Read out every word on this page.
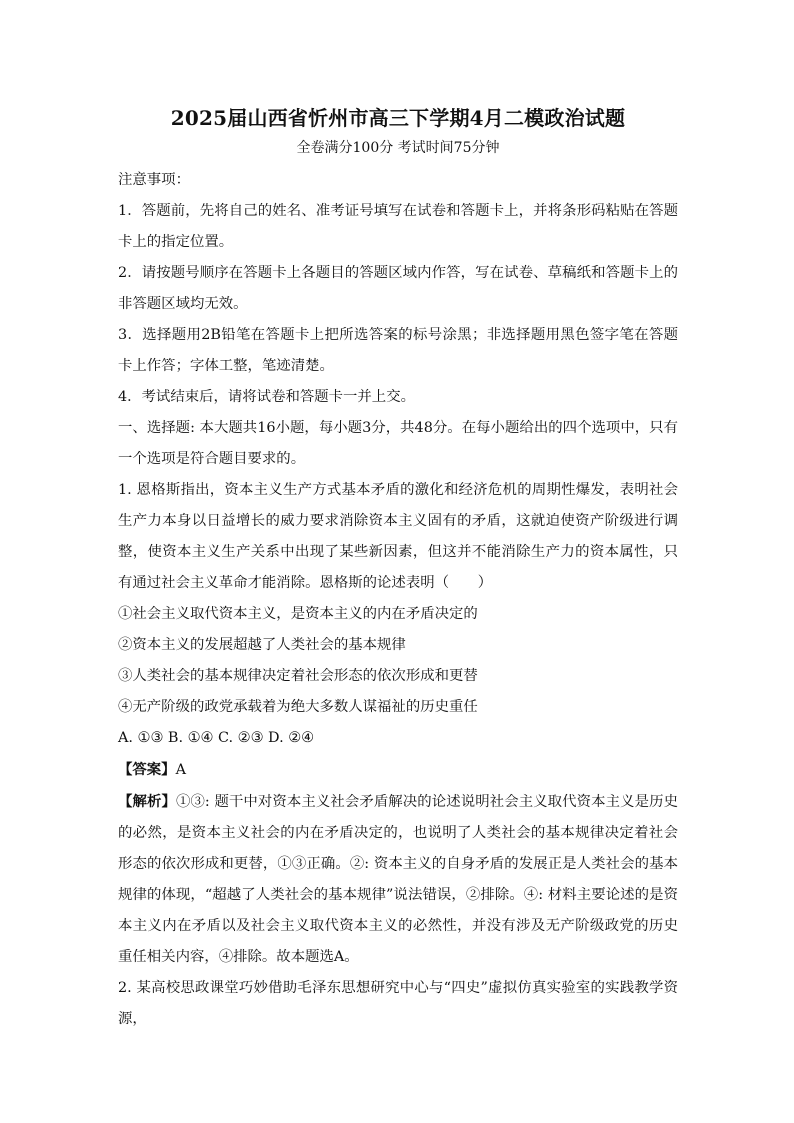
2025届山西省忻州市高三下学期4月二模政治试题
全卷满分100分 考试时间75分钟

注意事项：

1．答题前，先将自己的姓名、准考证号填写在试卷和答题卡上，并将条形码粘贴在答题卡上的指定位置。

2．请按题号顺序在答题卡上各题目的答题区域内作答，写在试卷、草稿纸和答题卡上的非答题区域均无效。

3．选择题用2B铅笔在答题卡上把所选答案的标号涂黑；非选择题用黑色签字笔在答题卡上作答；字体工整，笔迹清楚。

4．考试结束后，请将试卷和答题卡一并上交。

一、选择题: 本大题共16小题，每小题3分，共48分。在每小题给出的四个选项中，只有一个选项是符合题目要求的。

1. 恩格斯指出，资本主义生产方式基本矛盾的激化和经济危机的周期性爆发，表明社会生产力本身以日益增长的威力要求消除资本主义固有的矛盾，这就迫使资产阶级进行调整，使资本主义生产关系中出现了某些新因素，但这并不能消除生产力的资本属性，只有通过社会主义革命才能消除。恩格斯的论述表明（　　）

①社会主义取代资本主义，是资本主义的内在矛盾决定的

②资本主义的发展超越了人类社会的基本规律

③人类社会的基本规律决定着社会形态的依次形成和更替

④无产阶级的政党承载着为绝大多数人谋福祉的历史重任

A. ①③ B. ①④ C. ②③ D. ②④

【答案】A

【解析】①③: 题干中对资本主义社会矛盾解决的论述说明社会主义取代资本主义是历史的必然，是资本主义社会的内在矛盾决定的，也说明了人类社会的基本规律决定着社会形态的依次形成和更替，①③正确。②: 资本主义的自身矛盾的发展正是人类社会的基本规律的体现，“超越了人类社会的基本规律”说法错误，②排除。④: 材料主要论述的是资本主义内在矛盾以及社会主义取代资本主义的必然性，并没有涉及无产阶级政党的历史重任相关内容，④排除。故本题选A。

2. 某高校思政课堂巧妙借助毛泽东思想研究中心与“四史”虚拟仿真实验室的实践教学资源，
